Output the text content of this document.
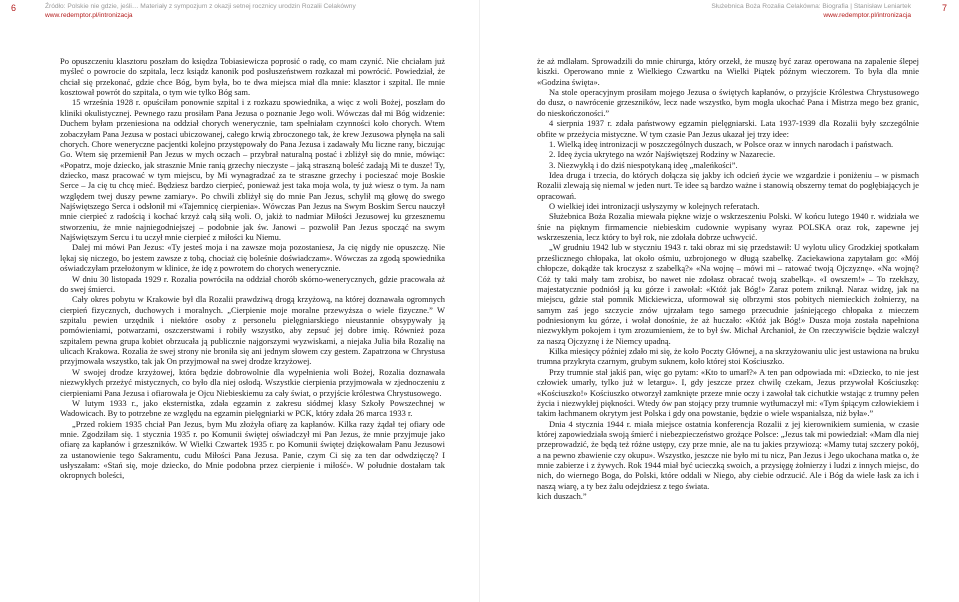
6	Źródło: Polskie nie gdzie, jeśli… Materiały z sympozjum z okazji setnej rocznicy urodzin Rozalii Celakówny
www.redemptor.pl/intronizacja

Po opuszczeniu klasztoru poszłam do księdza Tobiasiewicza poprosić o radę, co mam czynić. Nie chciałam już myśleć o powrocie do szpitala, lecz ksiądz kanonik pod posłuszeństwem rozkazał mi powrócić. Powiedział, że chciał się przekonać, gdzie chce Bóg, bym była, bo te dwa miejsca miał dla mnie: klasztor i szpital. Ile mnie kosztował powrót do szpitala, o tym wie tylko Bóg sam.

15 września 1928 r. opuściłam ponownie szpital i z rozkazu spowiednika, a więc z woli Bożej, poszłam do kliniki okulistycznej. Pewnego razu prosiłam Pana Jezusa o poznanie Jego woli. Wówczas dał mi Bóg widzenie: Duchem byłam przeniesiona na oddział chorych wenerycznie, tam spełniałam czynności koło chorych. Wtem zobaczyłam Pana Jezusa w postaci ubiczowanej, całego krwią zbroczonego tak, że krew Jezusowa płynęła na sali chorych. Chore weneryczne pacjentki kolejno przystępowały do Pana Jezusa i zadawały Mu liczne rany, biczując Go. Wtem się przemienił Pan Jezus w mych oczach – przybrał naturalną postać i zbliżył się do mnie, mówiąc: «Popatrz, moje dziecko, jak strasznie Mnie ranią grzechy nieczyste – jaką straszną boleść zadają Mi te dusze! Ty, dziecko, masz pracować w tym miejscu, by Mi wynagradzać za te straszne grzechy i pocieszać moje Boskie Serce – Ja cię tu chcę mieć. Będziesz bardzo cierpieć, ponieważ jest taka moja wola, ty już wiesz o tym. Ja nam względem twej duszy pewne zamiary». Po chwili zbliżył się do mnie Pan Jezus, schylił mą głowę do swego Najświętszego Serca i odsłonił mi «Tajemnicę cierpienia». Wówczas Pan Jezus na Swym Boskim Sercu nauczył mnie cierpieć z radością i kochać krzyż całą siłą woli. O, jakiż to nadmiar Miłości Jezusowej ku grzesznemu stworzeniu, że mnie najniegodniejszej – podobnie jak św. Janowi – pozwolił Pan Jezus spocząć na swym Najświętszym Sercu i tu uczył mnie cierpieć z miłości ku Niemu.

Dalej mi mówi Pan Jezus: «Ty jesteś moja i na zawsze moja pozostaniesz, Ja cię nigdy nie opuszczę. Nie lękaj się niczego, bo jestem zawsze z tobą, chociaż cię boleśnie doświadczam». Wówczas za zgodą spowiednika oświadczyłam przełożonym w klinice, że idę z powrotem do chorych wenerycznie.

W dniu 30 listopada 1929 r. Rozalia powróciła na oddział chorób skórno-wenerycznych, gdzie pracowała aż do swej śmierci.

Cały okres pobytu w Krakowie był dla Rozalii prawdziwą drogą krzyżową, na której doznawała ogromnych cierpień fizycznych, duchowych i moralnych. „Cierpienie moje moralne przewyższa o wiele fizyczne.” W szpitalu pewien urzędnik i niektóre osoby z personelu pielęgniarskiego nieustannie obsypywały ją pomówieniami, potwarzami, oszczerstwami i robiły wszystko, aby zepsuć jej dobre imię. Również poza szpitalem pewna grupa kobiet obrzucała ją publicznie najgorszymi wyzwiskami, a niejaka Julia biła Rozalię na ulicach Krakowa. Rozalia że swej strony nie broniła się ani jednym słowem czy gestem. Zapatrzona w Chrystusa przyjmowała wszystko, tak jak On przyjmował na swej drodze krzyżowej.

W swojej drodze krzyżowej, która będzie dobrowolnie dla wypełnienia woli Bożej, Rozalia doznawała niezwykłych przeżyć mistycznych, co było dla niej osłodą. Wszystkie cierpienia przyjmowała w zjednoczeniu z cierpieniami Pana Jezusa i ofiarowała je Ojcu Niebieskiemu za cały świat, o przyjście królestwa Chrystusowego.

W lutym 1933 r., jako eksternistka, zdała egzamin z zakresu siódmej klasy Szkoły Powszechnej w Wadowicach. By to potrzebne ze względu na egzamin pielęgniarki w PCK, który zdała 26 marca 1933 r.

„Przed rokiem 1935 chciał Pan Jezus, bym Mu złożyła ofiarę za kapłanów. Kilka razy żądał tej ofiary ode mnie. Zgodziłam się. 1 stycznia 1935 r. po Komunii świętej oświadczył mi Pan Jezus, że mnie przyjmuje jako ofiarę za kapłanów i grzeszników. W Wielki Czwartek 1935 r. po Komunii świętej dziękowałam Panu Jezusowi za ustanowienie tego Sakramentu, cudu Miłości Pana Jezusa. Panie, czym Ci się za ten dar odwdzięczę? I usłyszałam: «Stań się, moje dziecko, do Mnie podobna przez cierpienie i miłość». W południe dostałam tak okropnych boleści,

7
Służebnica Boża Rozalia Celakówna: Biografia | Stanisław Leniartek
www.redemptor.pl/intronizacja

że aż mdlałam. Sprowadzili do mnie chirurga, który orzekł, że muszę być zaraz operowana na zapalenie ślepej kiszki. Operowano mnie z Wielkiego Czwartku na Wielki Piątek późnym wieczorem. To była dla mnie «Godzina święta».

Na stole operacyjnym prosiłam mojego Jezusa o świętych kapłanów, o przyjście Królestwa Chrystusowego do dusz, o nawrócenie grzeszników, lecz nade wszystko, bym mogła ukochać Pana i Mistrza mego bez granic, do nieskończoności.”

4 sierpnia 1937 r. zdała państwowy egzamin pielęgniarski. Lata 1937-1939 dla Rozalii były szczególnie obfite w przeżycia mistyczne. W tym czasie Pan Jezus ukazał jej trzy idee:

1. Wielką ideę intronizacji w poszczególnych duszach, w Polsce oraz w innych narodach i państwach.

2. Ideę życia ukrytego na wzór Najświętszej Rodziny w Nazarecie.

3. Niezwykłą i do dziś niespotykaną ideę „maleńkości”.

Idea druga i trzecia, do których dołącza się jakby ich odcień życie we wzgardzie i poniżeniu – w pismach Rozalii zlewają się niemal w jeden nurt. Te idee są bardzo ważne i stanowią obszerny temat do pogłębiających je opracowań.

O wielkiej idei intronizacji usłyszymy w kolejnych referatach.

Służebnica Boża Rozalia miewała piękne wizje o wskrzeszeniu Polski. W końcu lutego 1940 r. widziała we śnie na pięknym firmamencie niebieskim cudownie wypisany wyraz POLSKA oraz rok, zapewne jej wskrzeszenia, lecz który to był rok, nie zdołała dobrze uchwycić.

„W grudniu 1942 lub w styczniu 1943 r. taki obraz mi się przedstawił: U wylotu ulicy Grodzkiej spotkałam prześlicznego chłopaka, lat około ośmiu, uzbrojonego w długą szabelkę. Zaciekawiona zapytałam go: «Mój chłopcze, dokądże tak kroczysz z szabelką?» «Na wojnę – mówi mi – ratować twoją Ojczyznę». «Na wojnę? Cóż ty taki mały tam zrobisz, bo nawet nie zdołasz obracać twoją szabelką». «I owszem!» – To rzekłszy, majestatycznie podniósł ją ku górze i zawołał: «Któż jak Bóg!» Zaraz potem zniknął. Naraz widzę, jak na miejscu, gdzie stał pomnik Mickiewicza, uformował się olbrzymi stos pobitych niemieckich żołnierzy, na samym zaś jego szczycie znów ujrzałam tego samego przecudnie jaśniejącego chłopaka z mieczem podniesionym ku górze, i wołał donośnie, że aż huczało: «Któż jak Bóg!» Dusza moja została napełniona niezwykłym pokojem i tym zrozumieniem, że to był św. Michał Archanioł, że On rzeczywiście będzie walczył za naszą Ojczyznę i że Niemcy upadną.

Kilka miesięcy później zdało mi się, że koło Poczty Głównej, a na skrzyżowaniu ulic jest ustawiona na bruku trumna przykryta czarnym, grubym suknem, koło której stoi Kościuszko.

Przy trumnie stał jakiś pan, więc go pytam: «Kto to umarł?» A ten pan odpowiada mi: «Dziecko, to nie jest człowiek umarły, tylko już w letargu». I, gdy jeszcze przez chwilę czekam, Jezus przywołał Kościuszkę: «Kościuszko!» Kościuszko otworzył zamknięte przeze mnie oczy i zawołał tak cichutkie wstając z trumny pełen życia i niezwykłej piękności. Wtedy ów pan stojący przy trumnie wytłumaczył mi: «Tym śpiącym człowiekiem i takim łachmanem okrytym jest Polska i gdy ona powstanie, będzie o wiele wspanialsza, niż była».”

Dnia 4 stycznia 1944 r. miała miejsce ostatnia konferencja Rozalii z jej kierownikiem sumienia, w czasie której zapowiedziała swoją śmierć i niebezpieczeństwo grożące Polsce: „Jezus tak mi powiedział: «Mam dla niej przeprowadzić, że będą też różne ustępy, czy prze mnie, ale na tu jakies przywiozą: «Mamy tutaj szczery pokój, a na pewno zbawienie czy okupu». Wszystko, jeszcze nie było mi tu nicz, Pan Jezus i Jego ukochana matka o, że mnie zabierze i z żywych. Rok 1944 miał być ucieczką swoich, a przysięgę żołnierzy i ludzi z innych miejsc, do nich, do wiernego Boga, do Polski, które oddali w Niego, aby ciebie odrzucić. Ale i Bóg da wiele łask za ich i naszą wiarę, a ty bez żalu odejdziesz z tego świata.

kich duszach.”
